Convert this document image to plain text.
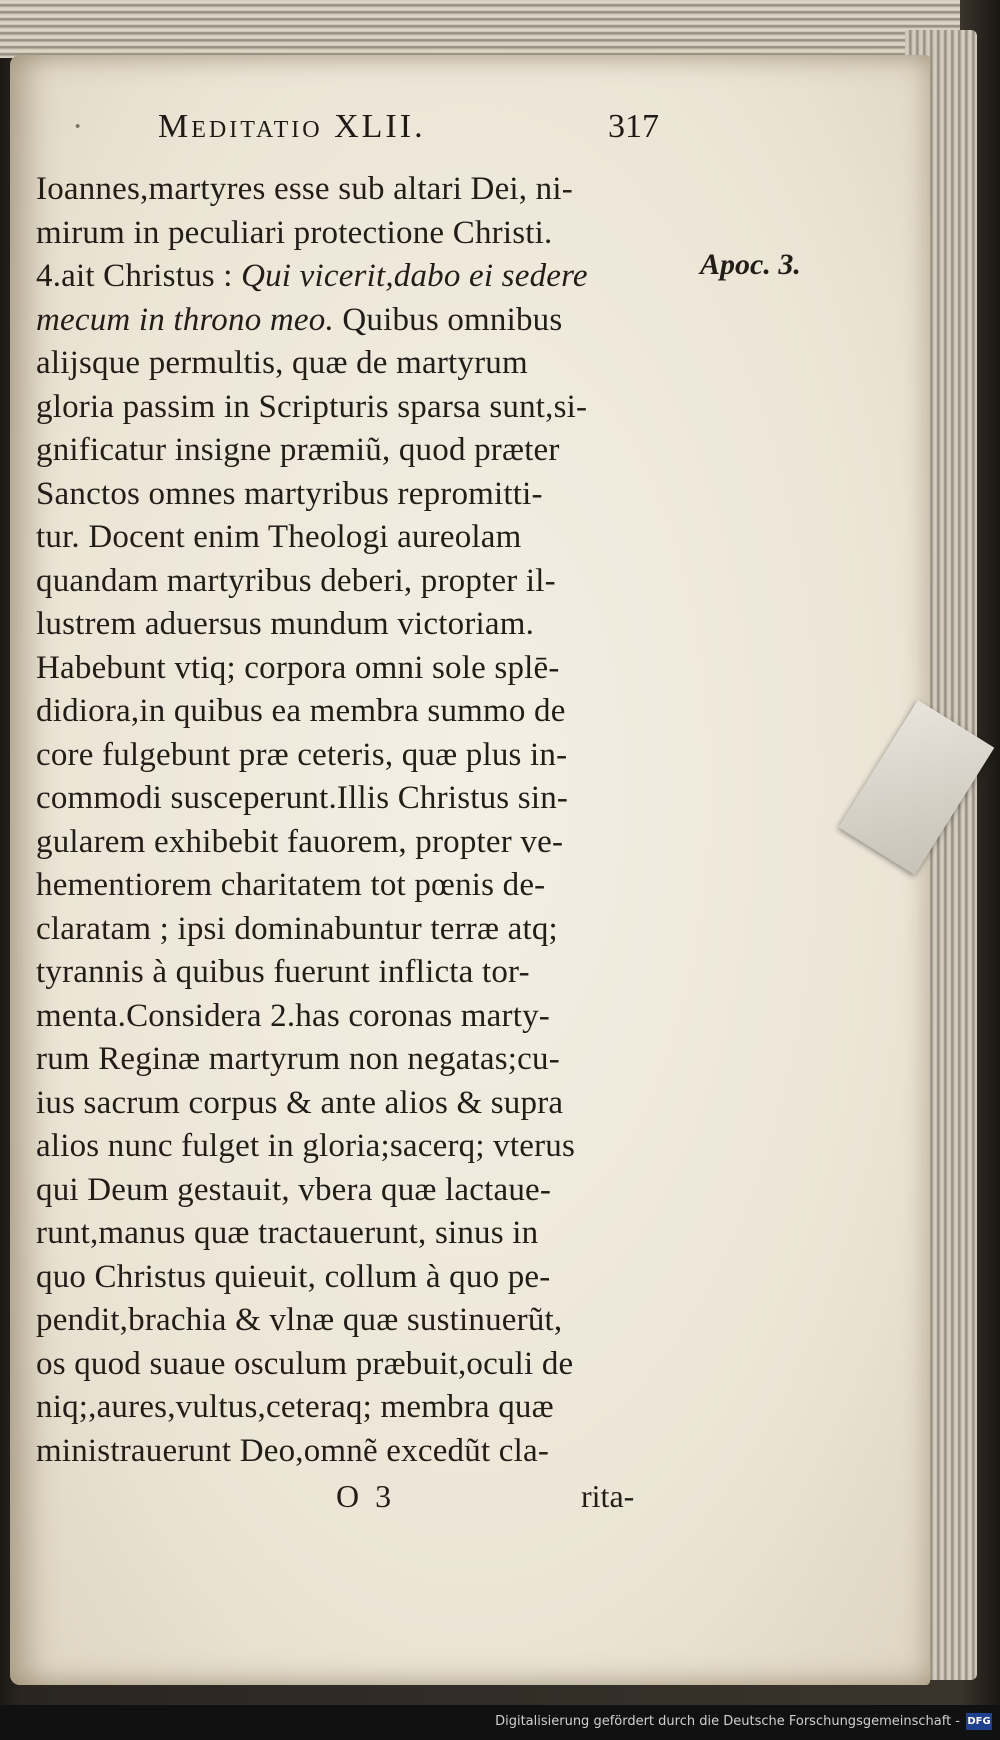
· Meditatio XLII.	317
Ioannes,martyres esse sub altari Dei, ni-
mirum in peculiari protectione Christi.
4.ait Christus : Qui vicerit,dabo ei sedere
mecum in throno meo. Quibus omnibus
alijsque permultis, quæ de martyrum
gloria passim in Scripturis sparsa sunt,si-
gnificatur insigne præmiũ, quod præter
Sanctos omnes martyribus repromitti-
tur. Docent enim Theologi aureolam
quandam martyribus deberi, propter il-
lustrem aduersus mundum victoriam.
Habebunt vtiq; corpora omni sole splē-
didiora,in quibus ea membra summo de
core fulgebunt præ ceteris, quæ plus in-
commodi susceperunt.Illis Christus sin-
gularem exhibebit fauorem, propter ve-
hementiorem charitatem tot pœnis de-
claratam ; ipsi dominabuntur terræ atq;
tyrannis à quibus fuerunt inflicta tor-
menta.Considera 2.has coronas marty-
rum Reginæ martyrum non negatas;cu-
ius sacrum corpus & ante alios & supra
alios nunc fulget in gloria;sacerq; vterus
qui Deum gestauit, vbera quæ lactaue-
runt,manus quæ tractauerunt, sinus in
quo Christus quieuit, collum à quo pe-
pendit,brachia & vlnæ quæ sustinuerũt,
os quod suaue osculum præbuit,oculi de
niq;,aures,vultus,ceteraq; membra quæ
ministrauerunt Deo,omnẽ excedũt cla-
Apoc. 3.
O 3	rita-
Digitalisierung gefördert durch die Deutsche Forschungsgemeinschaft - DFG
